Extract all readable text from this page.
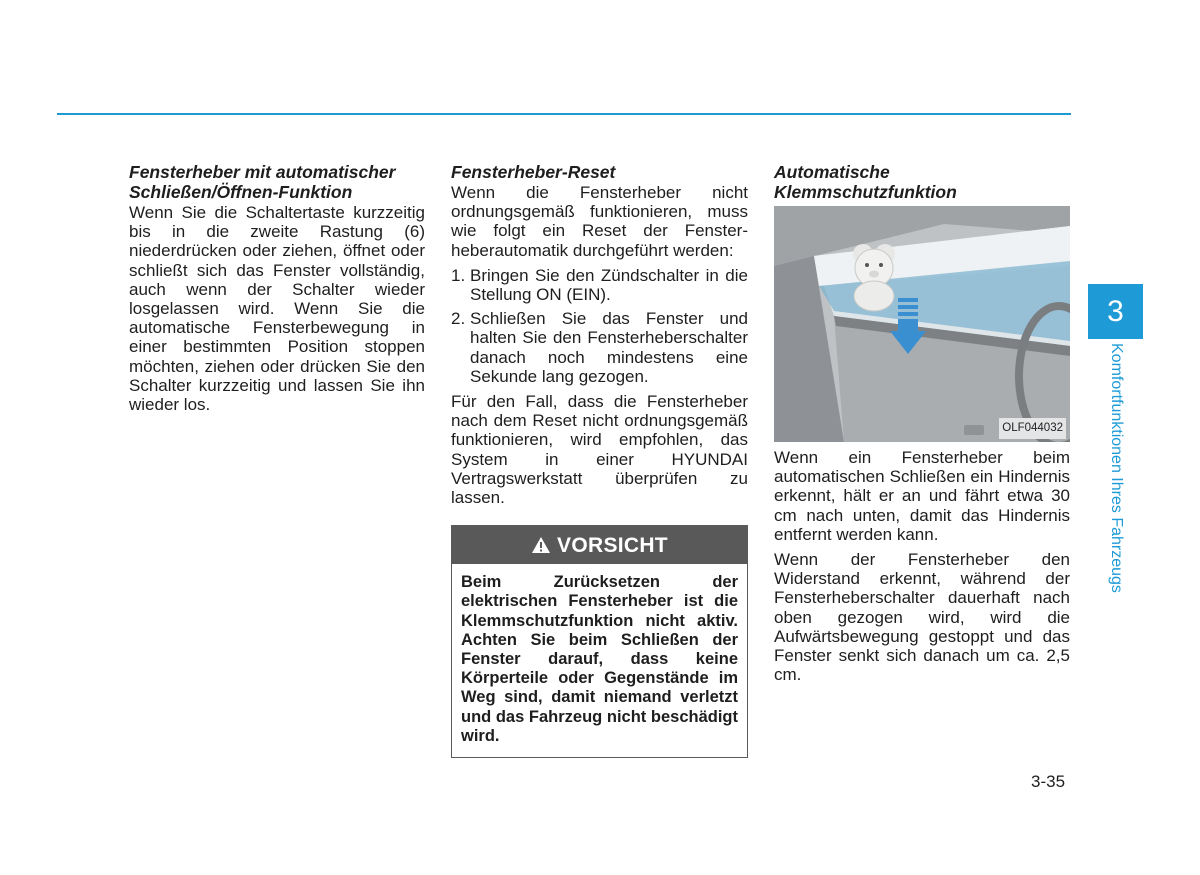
Fensterheber mit automatischer Schließen/Öffnen-Funktion

Wenn Sie die Schaltertaste kurzzeitig bis in die zweite Rastung (6) niederdrücken oder ziehen, öffnet oder schließt sich das Fenster vollständig, auch wenn der Schalter wieder losgelassen wird. Wenn Sie die automatische Fensterbewegung in einer bestimmten Position stoppen möchten, ziehen oder drücken Sie den Schalter kurzzeitig und lassen Sie ihn wieder los.

Fensterheber-Reset

Wenn die Fensterheber nicht ordnungsgemäß funktionieren, muss wie folgt ein Reset der Fensterheberautomatik durchgeführt werden:

1. Bringen Sie den Zündschalter in die Stellung ON (EIN).
2. Schließen Sie das Fenster und halten Sie den Fensterheberschalter danach noch mindestens eine Sekunde lang gezogen.

Für den Fall, dass die Fensterheber nach dem Reset nicht ordnungsgemäß funktionieren, wird empfohlen, das System in einer HYUNDAI Vertragswerkstatt überprüfen zu lassen.

VORSICHT
Beim Zurücksetzen der elektrischen Fensterheber ist die Klemmschutzfunktion nicht aktiv. Achten Sie beim Schließen der Fenster darauf, dass keine Körperteile oder Gegenstände im Weg sind, damit niemand verletzt und das Fahrzeug nicht beschädigt wird.
Automatische Klemmschutzfunktion
OLF044032

Wenn ein Fensterheber beim automatischen Schließen ein Hindernis erkennt, hält er an und fährt etwa 30 cm nach unten, damit das Hindernis entfernt werden kann.

Wenn der Fensterheber den Widerstand erkennt, während der Fensterheberschalter dauerhaft nach oben gezogen wird, wird die Aufwärtsbewegung gestoppt und das Fenster senkt sich danach um ca. 2,5 cm.

3
Komfortfunktionen Ihres Fahrzeugs
3-35
